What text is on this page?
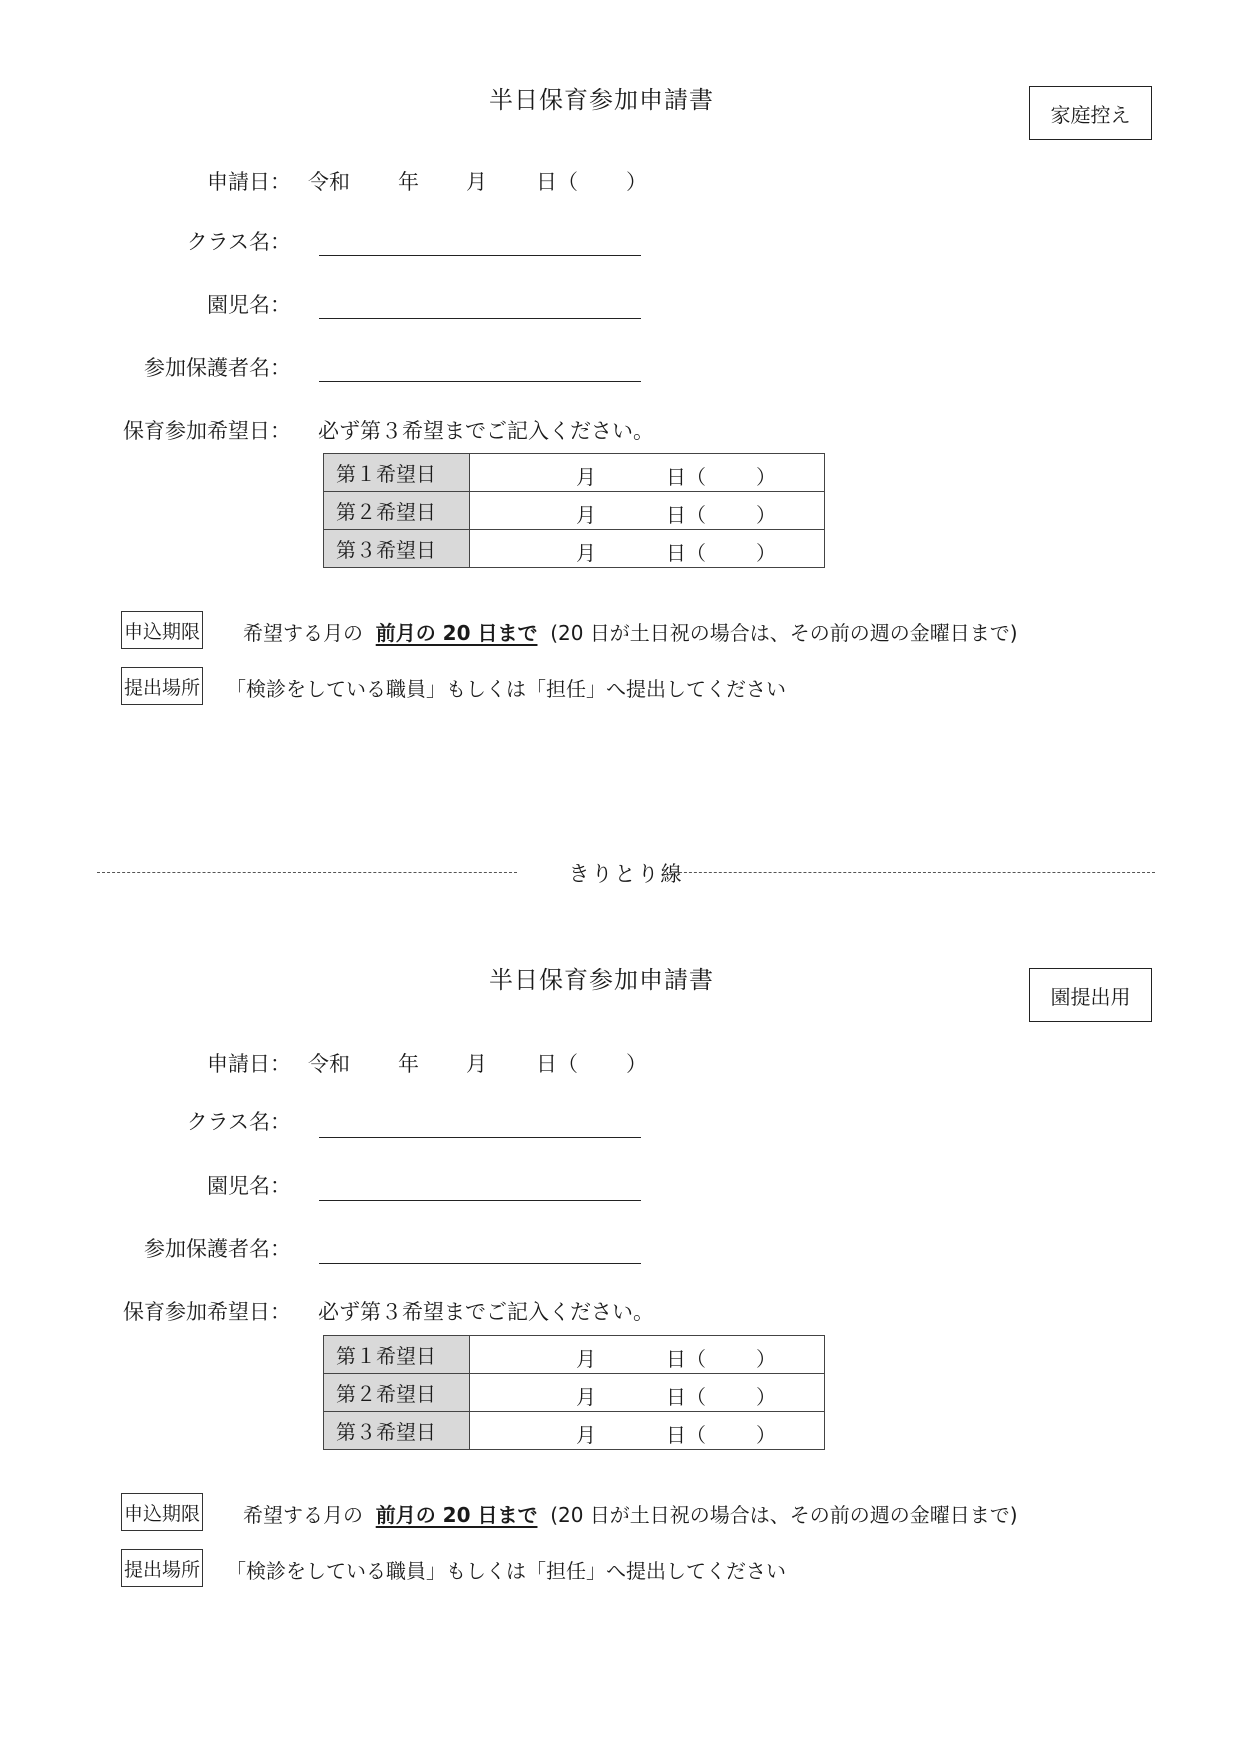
半日保育参加申請書
家庭控え
申請日： 令和 年 月 日（ ）
クラス名：
園児名：
参加保護者名：
保育参加希望日： 必ず第３希望までご記入ください。
第１希望日	月 日（ ）

第２希望日	月 日（ ）

第３希望日	月 日（ ）
申込期限 希望する月の 前月の 20 日まで (20 日が土日祝の場合は、その前の週の金曜日まで)
提出場所 「検診をしている職員」もしくは「担任」へ提出してください
きりとり線
半日保育参加申請書
園提出用
申請日： 令和 年 月 日（ ）
クラス名：
園児名：
参加保護者名：
保育参加希望日： 必ず第３希望までご記入ください。
第１希望日	月 日（ ）

第２希望日	月 日（ ）

第３希望日	月 日（ ）
申込期限 希望する月の 前月の 20 日まで (20 日が土日祝の場合は、その前の週の金曜日まで)
提出場所 「検診をしている職員」もしくは「担任」へ提出してください
